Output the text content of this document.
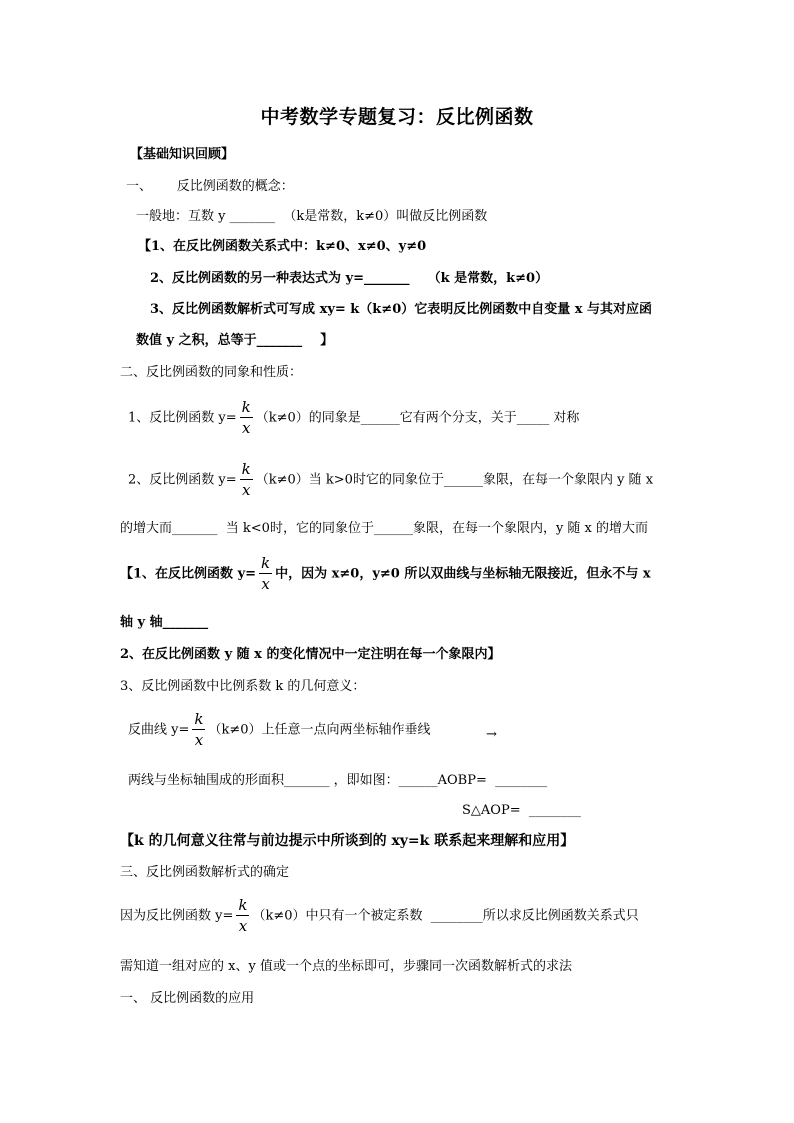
中考数学专题复习：反比例函数
【基础知识回顾】
一、      反比例函数的概念：
一般地：互数 y _______  （k是常数，k≠0）叫做反比例函数
【1、在反比例函数关系式中：k≠0、x≠0、y≠0
2、反比例函数的另一种表达式为 y=_______    （k 是常数，k≠0）
3、反比例函数解析式可写成 xy= k（k≠0）它表明反比例函数中自变量 x 与其对应函
数值 y 之积，总等于_______    】
二、反比例函数的同象和性质：
1、反比例函数 $y= \frac{k}{x} (k\ne 0)$的同象是______它有两个分支，关于_____ 对称
2、反比例函数 $y= \frac{k}{x} (k\ne 0)$当 k>0时它的同象位于______象限，在每一个象限内 y 随 x
的增大而_______  当 k<0时，它的同象位于______象限，在每一个象限内，y 随 x 的增大而
【1、在反比例函数 $y= \frac{k}{x}$ 中，因为 x≠0，y≠0 所以双曲线与坐标轴无限接近，但永不与 x
轴 y 轴_______
2、在反比例函数 y 随 x 的变化情况中一定注明在每一个象限内】
3、反比例函数中比例系数 k 的几何意义：
反曲线 $y= \frac{k}{x} (k\ne 0)$上任意一点向两坐标轴作垂线	→
两线与坐标轴围成的形面积_______ ，即如图：______AOBP=  ________
S△AOP=  ________
【k 的几何意义往常与前边提示中所谈到的 xy=k 联系起来理解和应用】
三、反比例函数解析式的确定
因为反比例函数 $y= \frac{k}{x} (k\ne 0)$中只有一个被定系数  ________所以求反比例函数关系式只
需知道一组对应的 x、y 值或一个点的坐标即可，步骤同一次函数解析式的求法
一、 反比例函数的应用
